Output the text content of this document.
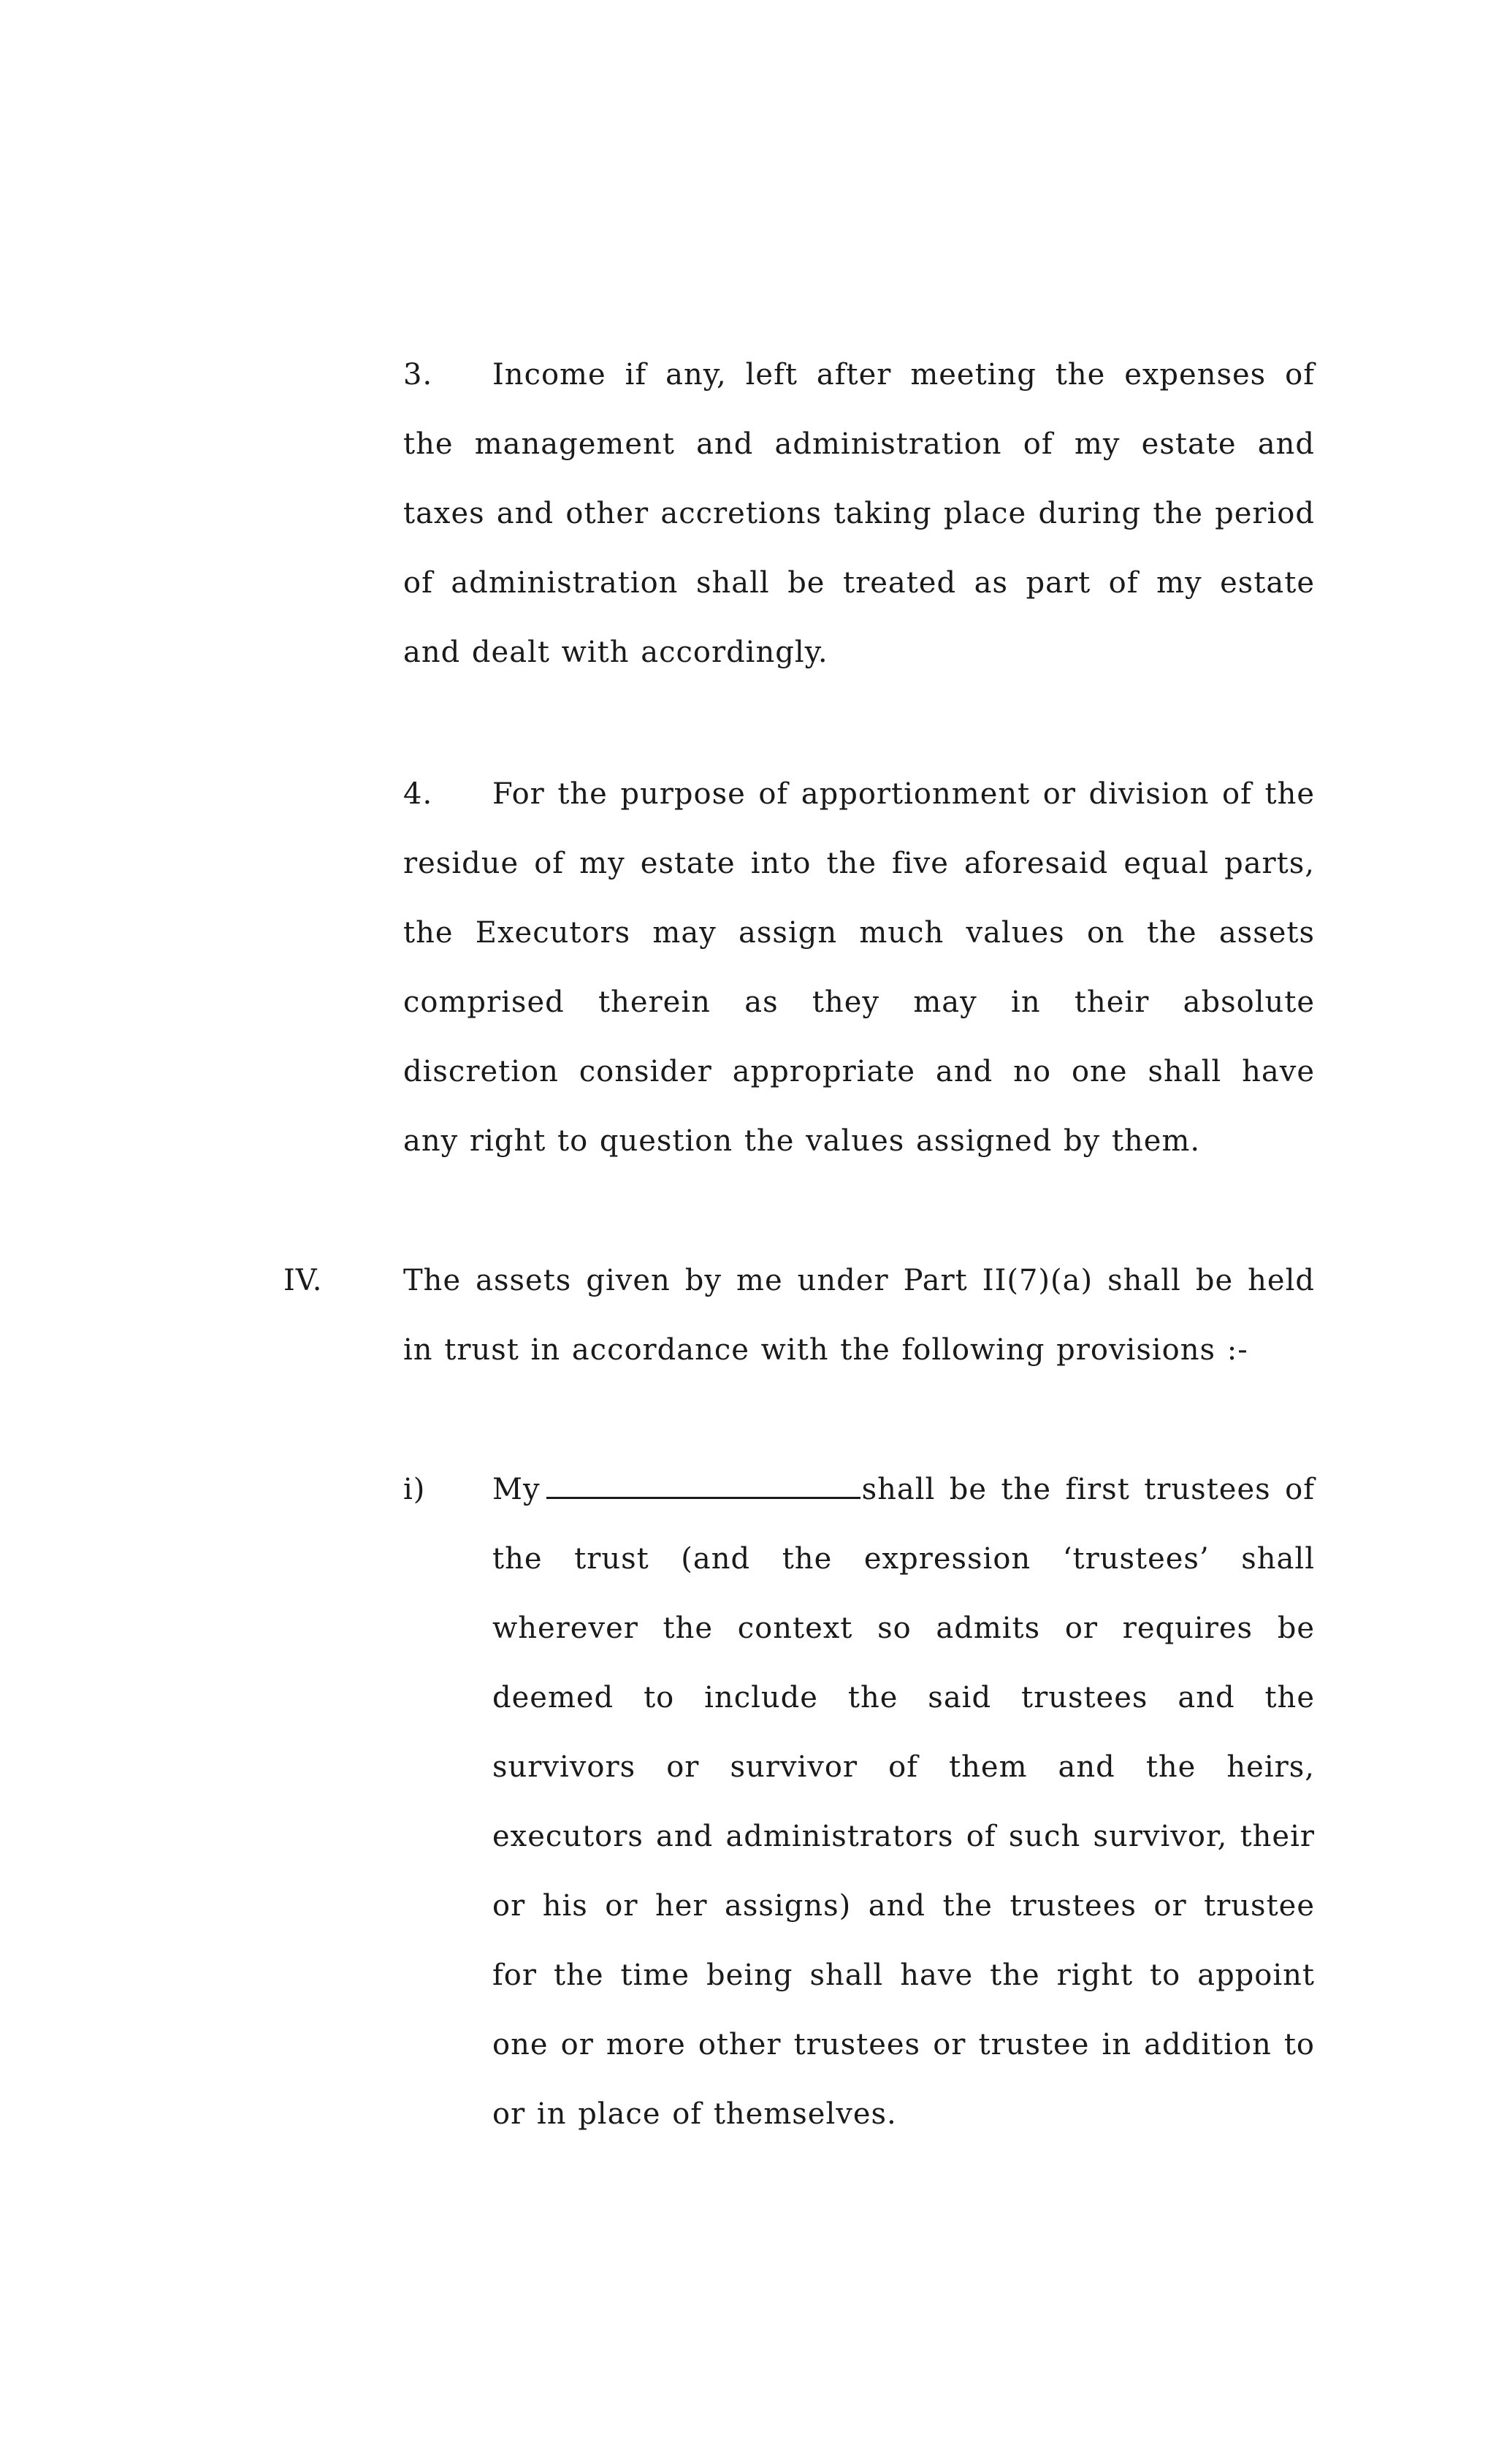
Income if any, left after meeting the expenses of the management and administration of my estate and taxes and other accretions taking place during the period of administration shall be treated as part of my estate and dealt with accordingly.
3.
For the purpose of apportionment or division of the residue of my estate into the five aforesaid equal parts, the Executors may assign much values on the assets comprised therein as they may in their absolute discretion consider appropriate and no one shall have any right to question the values assigned by them.
4.
IV.	The assets given by me under Part II(7)(a) shall be held in trust in accordance with the following provisions :-
i) My	shall be the first trustees of the trust (and the expression ‘trustees’ shall wherever the context so admits or requires be deemed to include the said trustees and the survivors or survivor of them and the heirs, executors and administrators of such survivor, their or his or her assigns) and the trustees or trustee for the time being shall have the right to appoint one or more other trustees or trustee in addition to or in place of themselves.
